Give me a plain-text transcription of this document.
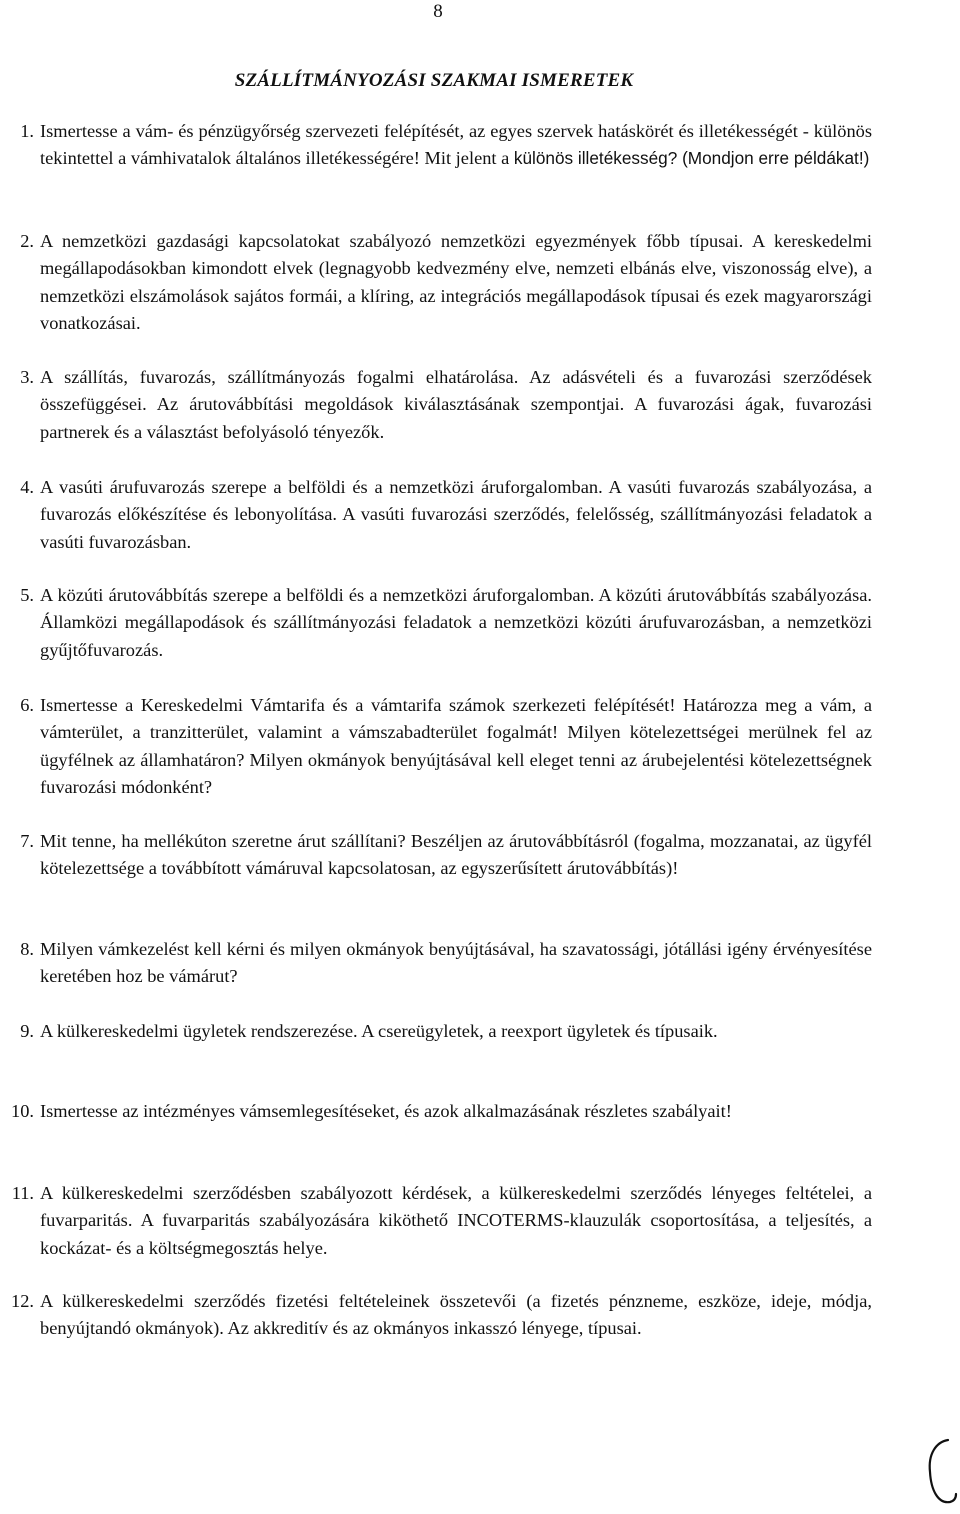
8
SZÁLLÍTMÁNYOZÁSI SZAKMAI ISMERETEK

1. Ismertesse a vám- és pénzügyőrség szervezeti felépítését, az egyes szervek hatáskörét és illetékességét - különös tekintettel a vámhivatalok általános illetékességére! Mit jelent a különös illetékesség? (Mondjon erre példákat!)

2. A nemzetközi gazdasági kapcsolatokat szabályozó nemzetközi egyezmények főbb típusai. A kereskedelmi megállapodásokban kimondott elvek (legnagyobb kedvezmény elve, nemzeti elbánás elve, viszonosság elve), a nemzetközi elszámolások sajátos formái, a klíring, az integrációs megállapodások típusai és ezek magyarországi vonatkozásai.

3. A szállítás, fuvarozás, szállítmányozás fogalmi elhatárolása. Az adásvételi és a fuvarozási szerződések összefüggései. Az árutovábbítási megoldások kiválasztásának szempontjai. A fuvarozási ágak, fuvarozási partnerek és a választást befolyásoló tényezők.

4. A vasúti árufuvarozás szerepe a belföldi és a nemzetközi áruforgalomban. A vasúti fuvarozás szabályozása, a fuvarozás előkészítése és lebonyolítása. A vasúti fuvarozási szerződés, felelősség, szállítmányozási feladatok a vasúti fuvarozásban.

5. A közúti árutovábbítás szerepe a belföldi és a nemzetközi áruforgalomban. A közúti árutovábbítás szabályozása. Államközi megállapodások és szállítmányozási feladatok a nemzetközi közúti árufuvarozásban, a nemzetközi gyűjtőfuvarozás.

6. Ismertesse a Kereskedelmi Vámtarifa és a vámtarifa számok szerkezeti felépítését! Határozza meg a vám, a vámterület, a tranzitterület, valamint a vámszabadterület fogalmát! Milyen kötelezettségei merülnek fel az ügyfélnek az államhatáron? Milyen okmányok benyújtásával kell eleget tenni az árubejelentési kötelezettségnek fuvarozási módonként?

7. Mit tenne, ha mellékúton szeretne árut szállítani? Beszéljen az árutovábbításról (fogalma, mozzanatai, az ügyfél kötelezettsége a továbbított vámáruval kapcsolatosan, az egyszerűsített árutovábbítás)!

8. Milyen vámkezelést kell kérni és milyen okmányok benyújtásával, ha szavatossági, jótállási igény érvényesítése keretében hoz be vámárut?

9. A külkereskedelmi ügyletek rendszerezése. A csereügyletek, a reexport ügyletek és típusaik.

10. Ismertesse az intézményes vámsemlegesítéseket, és azok alkalmazásának részletes szabályait!

11. A külkereskedelmi szerződésben szabályozott kérdések, a külkereskedelmi szerződés lényeges feltételei, a fuvarparitás. A fuvarparitás szabályozására kiköthető INCOTERMS-klauzulák csoportosítása, a teljesítés, a kockázat- és a költségmegosztás helye.

12. A külkereskedelmi szerződés fizetési feltételeinek összetevői (a fizetés pénzneme, eszköze, ideje, módja, benyújtandó okmányok). Az akkreditív és az okmányos inkasszó lényege, típusai.
